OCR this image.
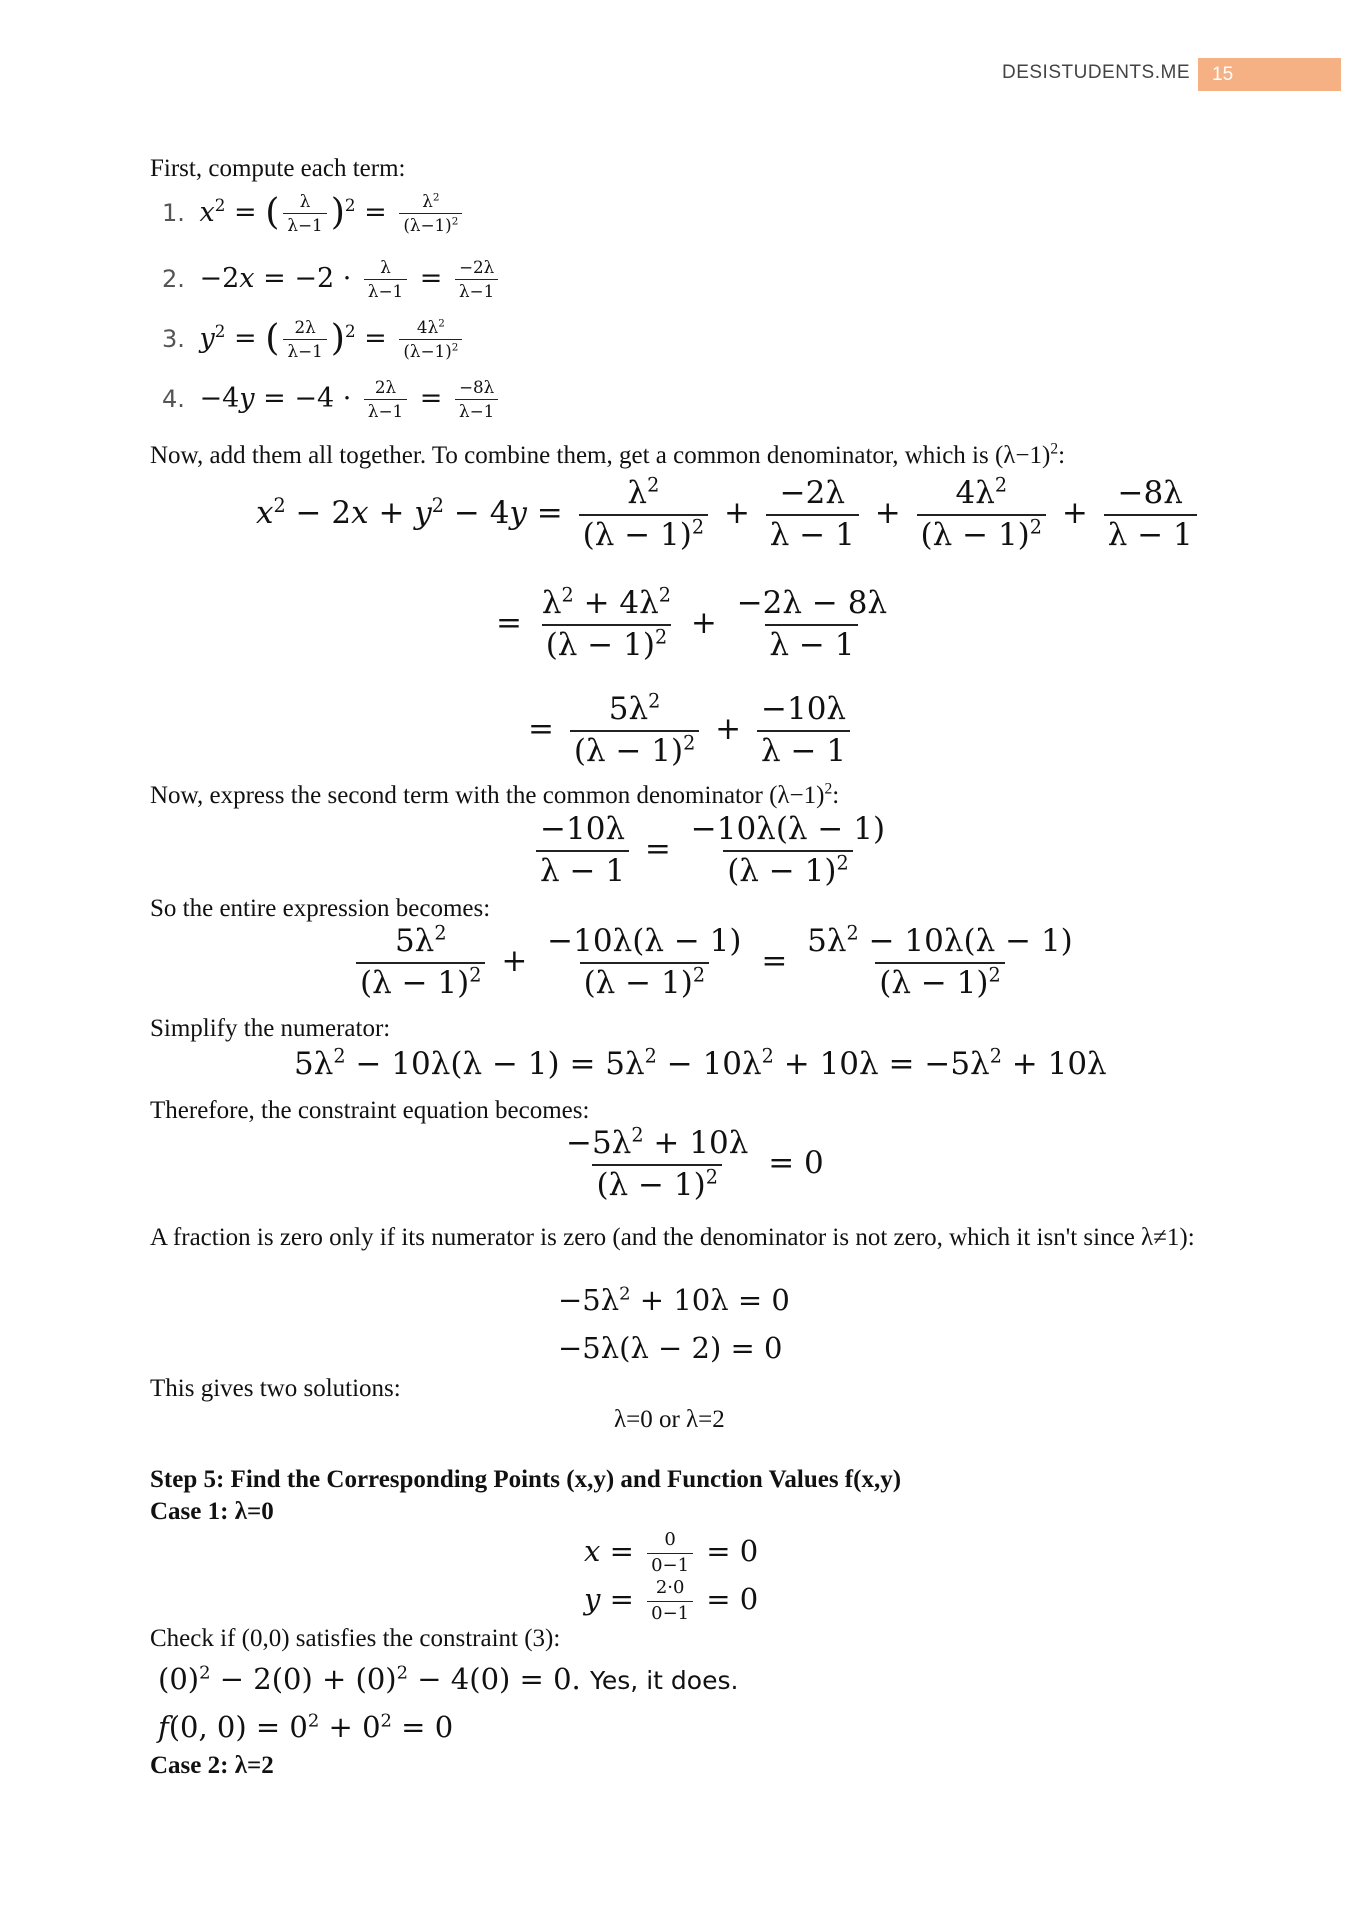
DESISTUDENTS.ME	15
First, compute each term:
1. $x^2$ = ( $\frac{\lambda}{\lambda-1} )^2 = \frac{\lambda^2}{(\lambda-1)^2}$
2. $-2x = -2 \cdot \frac{\lambda}{\lambda-1} = \frac{-2\lambda}{\lambda-1}$
3. $y^2$ = ( $\frac{2\lambda}{\lambda-1} )^2 = \frac{4\lambda^2}{(\lambda-1)^2}$
4. $-4y = -4 \cdot \frac{2\lambda}{\lambda-1} = \frac{-8\lambda}{\lambda-1}$
Now, add them all together. To combine them, get a common denominator, which is $(\lambda-1)^2$:
$x^2 - 2x + y^2 - 4y = \frac{\lambda^2}{(\lambda - 1)^2} + \frac{-2\lambda}{\lambda - 1} + \frac{4\lambda^2}{(\lambda - 1)^2} + \frac{-8\lambda}{\lambda - 1}$
= $\frac{\lambda^2 + 4\lambda^2}{(\lambda - 1)^2} + \frac{-2\lambda - 8\lambda}{\lambda - 1}$
= $\frac{5\lambda^2}{(\lambda - 1)^2} + \frac{-10\lambda}{\lambda - 1}$
Now, express the second term with the common denominator $(\lambda-1)^2$:
$\frac{-10\lambda}{\lambda - 1} = \frac{-10\lambda(\lambda - 1)}{(\lambda - 1)^2}$
So the entire expression becomes:
$\frac{5\lambda^2}{(\lambda - 1)^2} + \frac{-10\lambda(\lambda - 1)}{(\lambda - 1)^2} = \frac{5\lambda^2 - 10\lambda(\lambda - 1)}{(\lambda - 1)^2}$
Simplify the numerator:
$5\lambda^2 - 10\lambda(\lambda - 1) = 5\lambda^2 - 10\lambda^2 + 10\lambda = -5\lambda^2 + 10\lambda$
Therefore, the constraint equation becomes:
$\frac{-5\lambda^2 + 10\lambda}{(\lambda - 1)^2} = 0$
A fraction is zero only if its numerator is zero (and the denominator is not zero, which it isn't since λ≠1):
$-5\lambda^2 + 10\lambda = 0$
−5λ(λ − 2) = 0
This gives two solutions:
λ=0 or λ=2
Step 5: Find the Corresponding Points (x,y) and Function Values f(x,y)
Case 1: λ=0
$x = \frac{0}{0-1} = 0$
$y = \frac{2\cdot 0}{0-1} = 0$
Check if (0,0) satisfies the constraint (3):
$(0)^2 - 2(0) + (0)^2 - 4(0) = 0$. Yes, it does.
f(0, $0) = 0^2 + 0^2 = 0$
Case 2: λ=2
